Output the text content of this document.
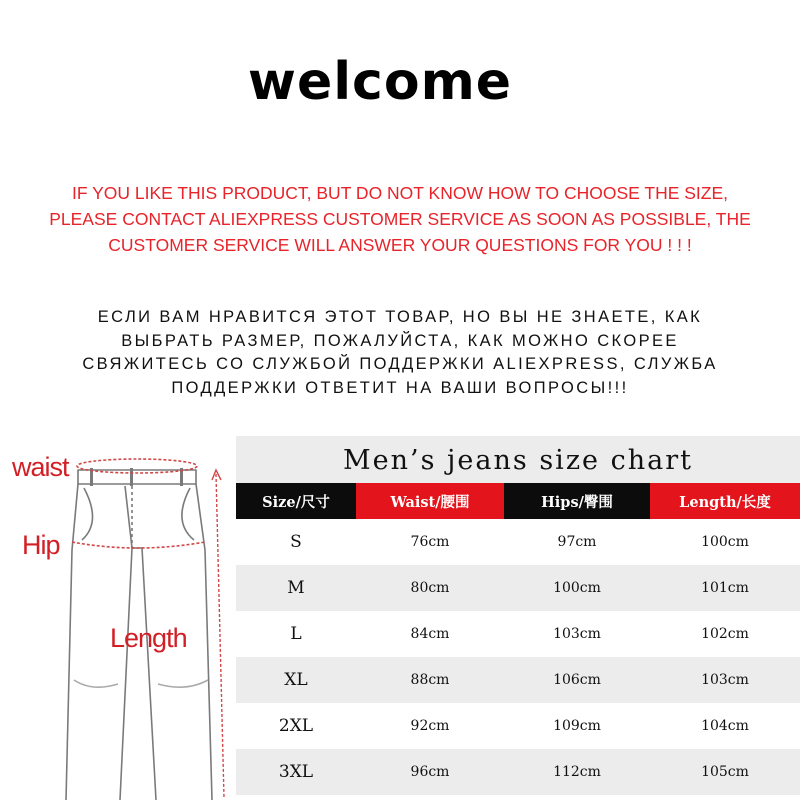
welcome
IF YOU LIKE THIS PRODUCT, BUT DO NOT KNOW HOW TO CHOOSE THE SIZE,
PLEASE CONTACT ALIEXPRESS CUSTOMER SERVICE AS SOON AS POSSIBLE, THE
CUSTOMER SERVICE WILL ANSWER YOUR QUESTIONS FOR YOU ! ! !
ЕСЛИ ВАМ НРАВИТСЯ ЭТОТ ТОВАР, НО ВЫ НЕ ЗНАЕТЕ, КАК
ВЫБРАТЬ РАЗМЕР, ПОЖАЛУЙСТА, КАК МОЖНО СКОРЕЕ
СВЯЖИТЕСЬ СО СЛУЖБОЙ ПОДДЕРЖКИ ALIEXPRESS, СЛУЖБА
ПОДДЕРЖКИ ОТВЕТИТ НА ВАШИ ВОПРОСЫ!!!
waist
Hip
Length
Men’s jeans size chart
Size/尺寸	Waist/腰围	Hips/臀围	Length/长度
S	76cm	97cm	100cm
M	80cm	100cm	101cm
L	84cm	103cm	102cm
XL	88cm	106cm	103cm
2XL	92cm	109cm	104cm
3XL	96cm	112cm	105cm
